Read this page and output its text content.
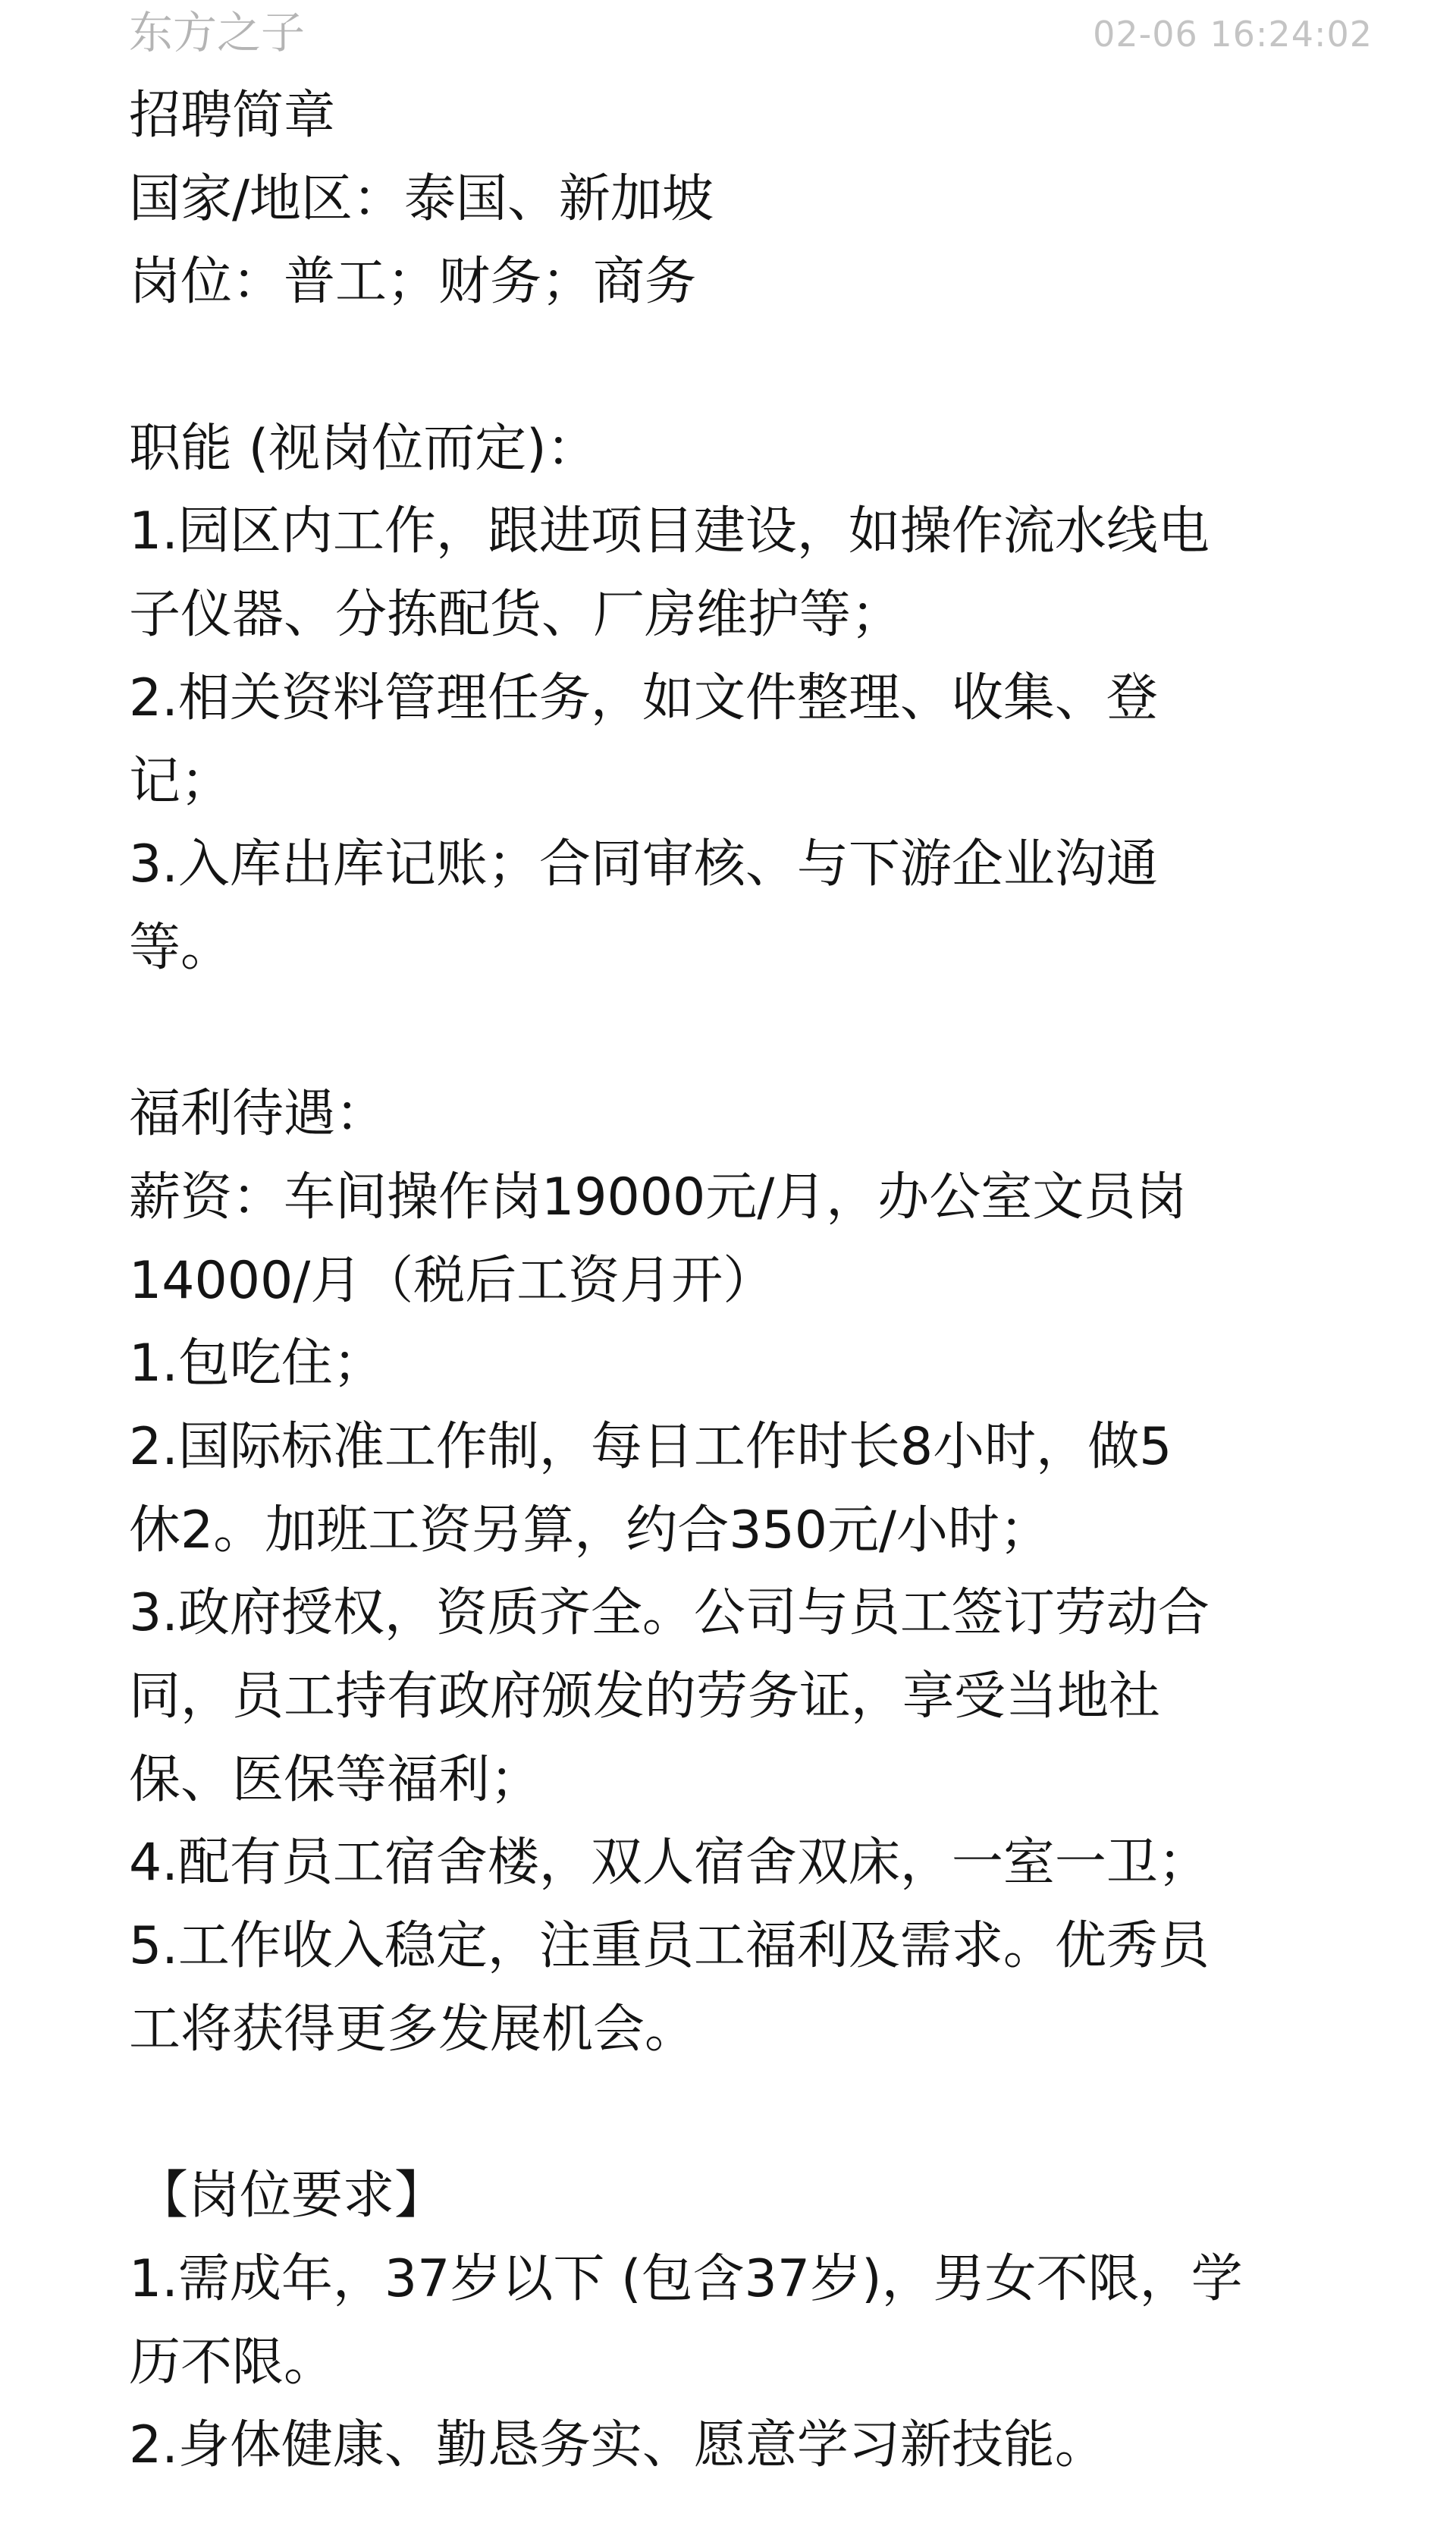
东方之子	02-06 16:24:02
招聘简章
国家/地区：泰国、新加坡
岗位：普工；财务；商务
职能 (视岗位而定)：
1.园区内工作，跟进项目建设，如操作流水线电
子仪器、分拣配货、厂房维护等；
2.相关资料管理任务，如文件整理、收集、登
记；
3.入库出库记账；合同审核、与下游企业沟通
等。
福利待遇：
薪资：车间操作岗19000元/月，办公室文员岗
14000/月（税后工资月开）
1.包吃住；
2.国际标准工作制，每日工作时长8小时，做5
休2。加班工资另算，约合350元/小时；
3.政府授权，资质齐全。公司与员工签订劳动合
同，员工持有政府颁发的劳务证，享受当地社
保、医保等福利；
4.配有员工宿舍楼，双人宿舍双床，一室一卫；
5.工作收入稳定，注重员工福利及需求。优秀员
工将获得更多发展机会。
【岗位要求】
1.需成年，37岁以下 (包含37岁)，男女不限，学
历不限。
2.身体健康、勤恳务实、愿意学习新技能。
